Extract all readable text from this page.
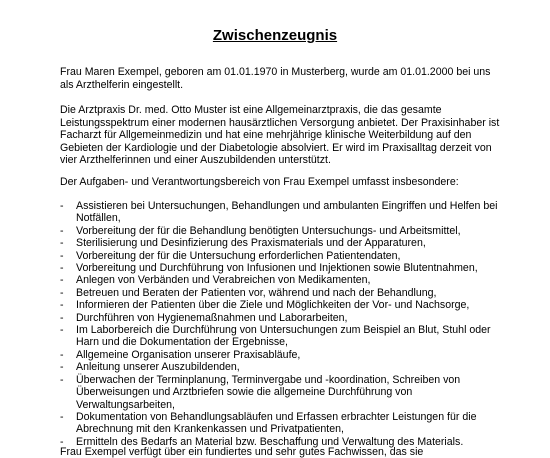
Zwischenzeugnis

Frau Maren Exempel, geboren am 01.01.1970 in Musterberg, wurde am 01.01.2000 bei uns als Arzthelferin eingestellt.

Die Arztpraxis Dr. med. Otto Muster ist eine Allgemeinarztpraxis, die das gesamte Leistungsspektrum einer modernen hausärztlichen Versorgung anbietet. Der Praxisinhaber ist Facharzt für Allgemeinmedizin und hat eine mehrjährige klinische Weiterbildung auf den Gebieten der Kardiologie und der Diabetologie absolviert. Er wird im Praxisalltag derzeit von vier Arzthelferinnen und einer Auszubildenden unterstützt.

Der Aufgaben- und Verantwortungsbereich von Frau Exempel umfasst insbesondere:

- Assistieren bei Untersuchungen, Behandlungen und ambulanten Eingriffen und Helfen bei Notfällen,
- Vorbereitung der für die Behandlung benötigten Untersuchungs- und Arbeitsmittel,
- Sterilisierung und Desinfizierung des Praxismaterials und der Apparaturen,
- Vorbereitung der für die Untersuchung erforderlichen Patientendaten,
- Vorbereitung und Durchführung von Infusionen und Injektionen sowie Blutentnahmen,
- Anlegen von Verbänden und Verabreichen von Medikamenten,
- Betreuen und Beraten der Patienten vor, während und nach der Behandlung,
- Informieren der Patienten über die Ziele und Möglichkeiten der Vor- und Nachsorge,
- Durchführen von Hygienemaßnahmen und Laborarbeiten,
- Im Laborbereich die Durchführung von Untersuchungen zum Beispiel an Blut, Stuhl oder Harn und die Dokumentation der Ergebnisse,
- Allgemeine Organisation unserer Praxisabläufe,
- Anleitung unserer Auszubildenden,
- Überwachen der Terminplanung, Terminvergabe und -koordination, Schreiben von Überweisungen und Arztbriefen sowie die allgemeine Durchführung von Verwaltungsarbeiten,
- Dokumentation von Behandlungsabläufen und Erfassen erbrachter Leistungen für die Abrechnung mit den Krankenkassen und Privatpatienten,
- Ermitteln des Bedarfs an Material bzw. Beschaffung und Verwaltung des Materials.
Frau Exempel verfügt über ein fundiertes und sehr gutes Fachwissen, das sie
